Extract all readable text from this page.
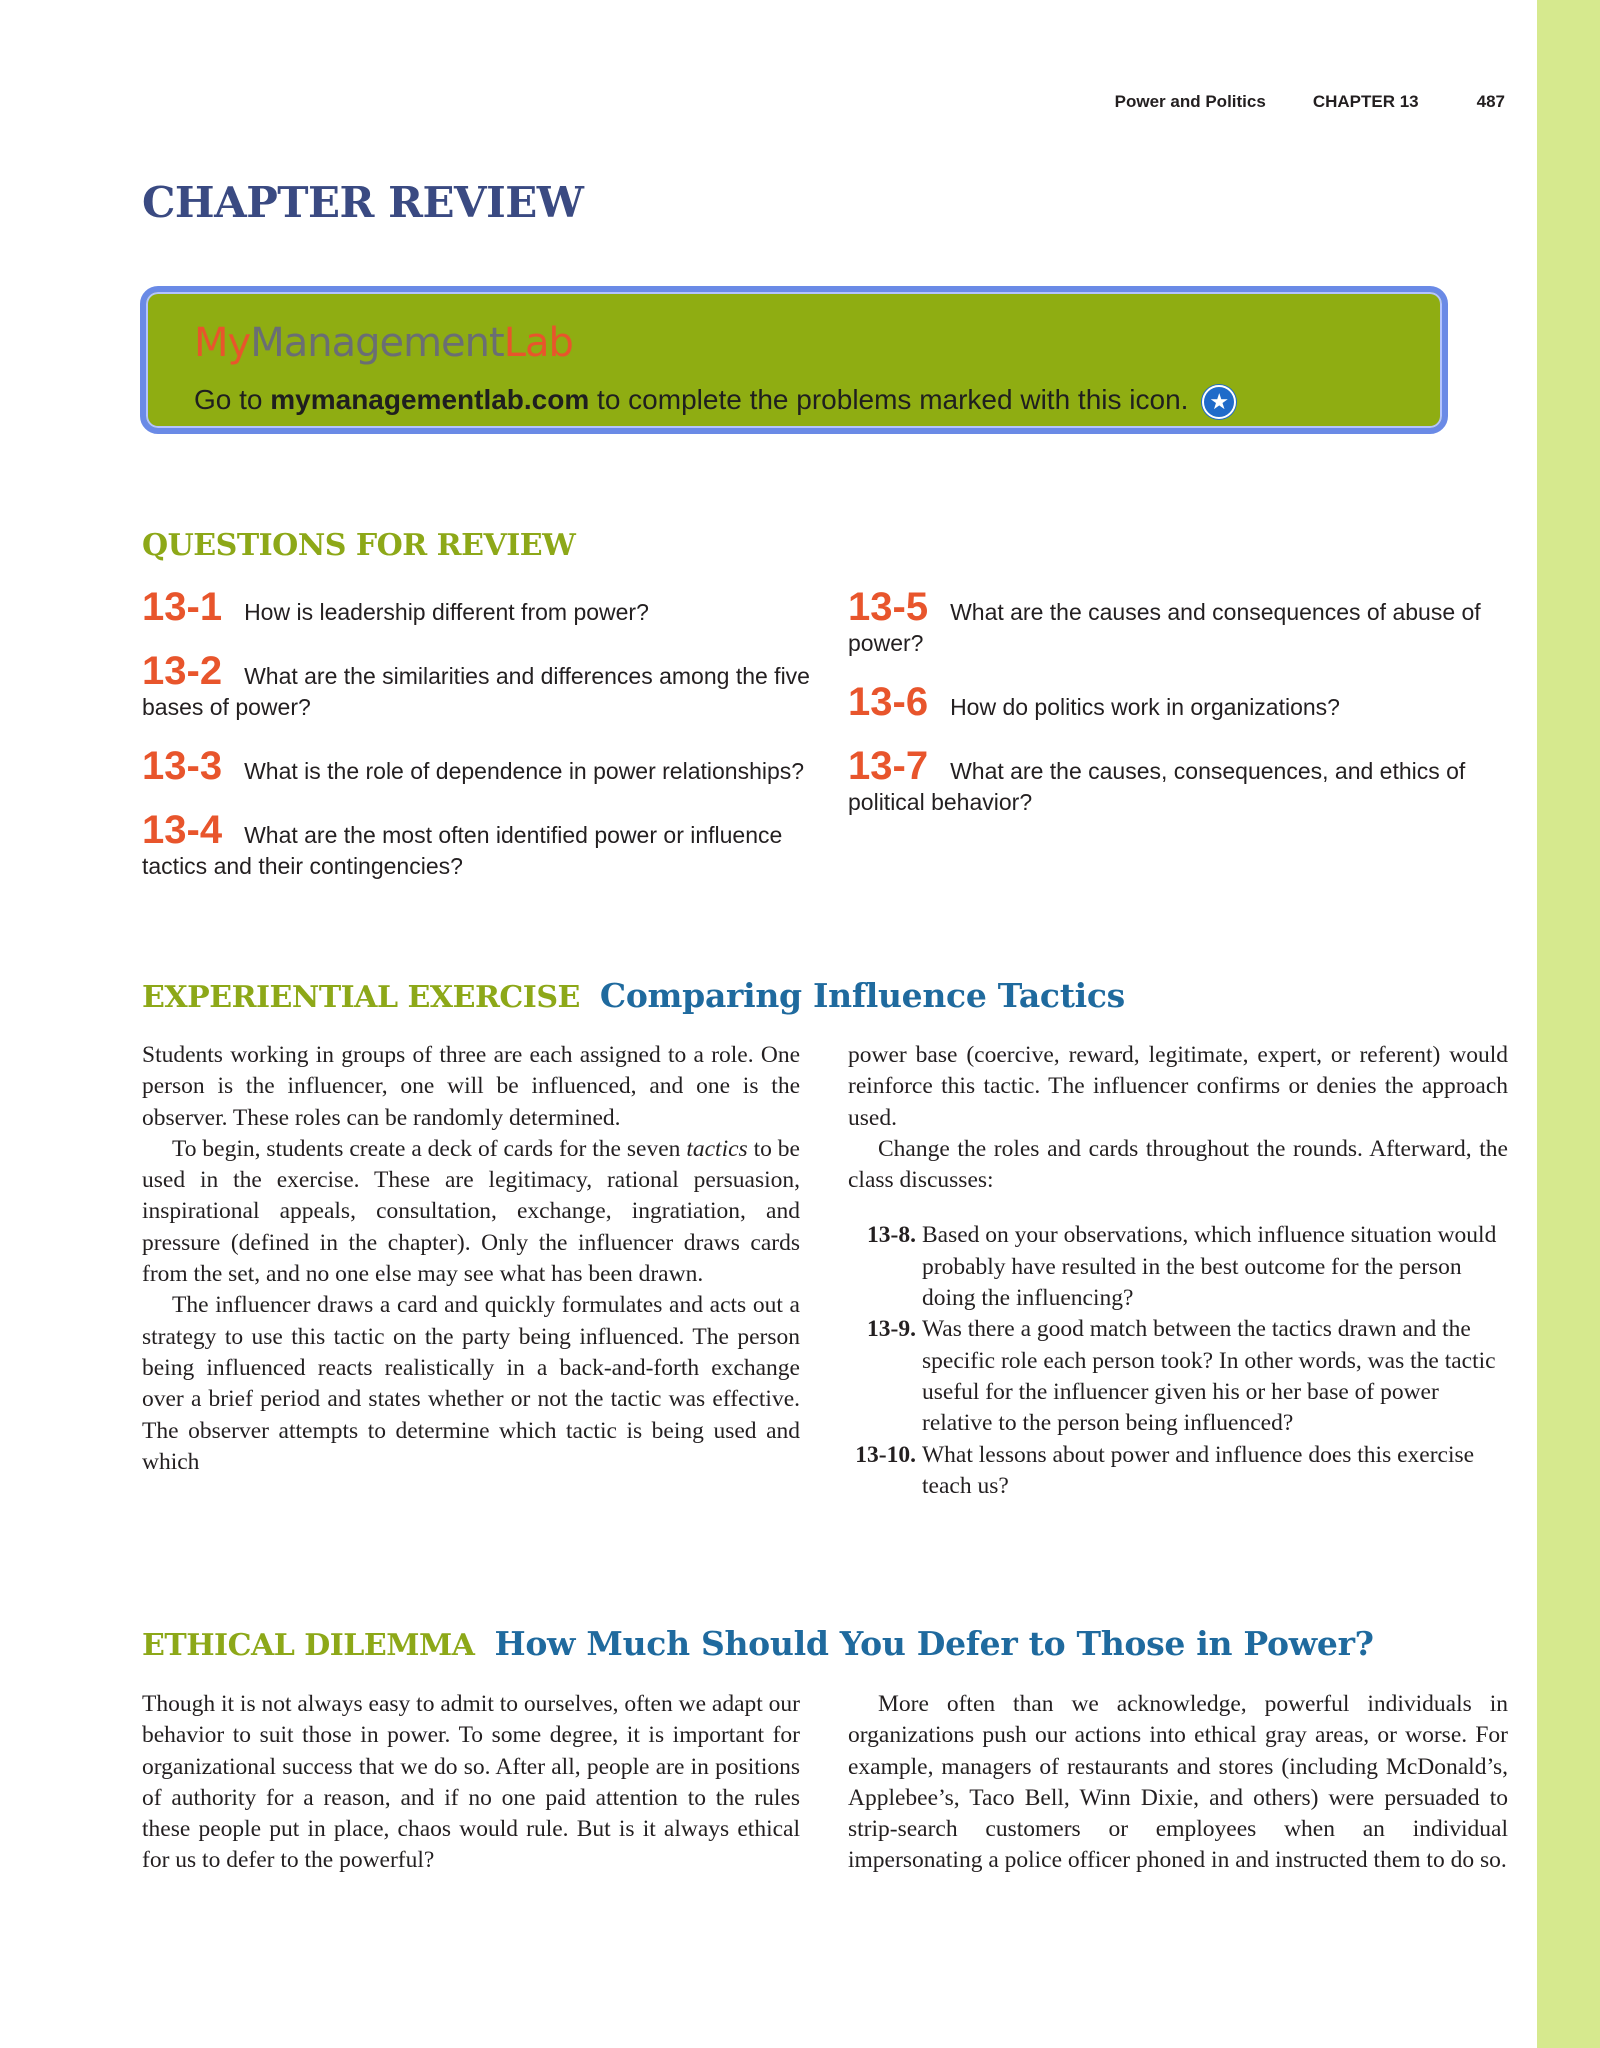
Power and Politics	CHAPTER 13	487
CHAPTER REVIEW
MyManagementLab
Go to mymanagementlab.com to complete the problems marked with this icon. ★
QUESTIONS FOR REVIEW
13-1 How is leadership different from power?
13-2 What are the similarities and differences among the five bases of power?
13-3 What is the role of dependence in power relationships?
13-4 What are the most often identified power or influence tactics and their contingencies?
13-5 What are the causes and consequences of abuse of power?
13-6 How do politics work in organizations?
13-7 What are the causes, consequences, and ethics of political behavior?
EXPERIENTIAL EXERCISE Comparing Influence Tactics

Students working in groups of three are each assigned to a role. One person is the influencer, one will be influenced, and one is the observer. These roles can be randomly determined.

To begin, students create a deck of cards for the seven tactics to be used in the exercise. These are legitimacy, rational persuasion, inspirational appeals, consultation, exchange, ingratiation, and pressure (defined in the chapter). Only the influencer draws cards from the set, and no one else may see what has been drawn.

The influencer draws a card and quickly formulates and acts out a strategy to use this tactic on the party being influenced. The person being influenced reacts realistically in a back-and-forth exchange over a brief period and states whether or not the tactic was effective. The observer attempts to determine which tactic is being used and which

power base (coercive, reward, legitimate, expert, or referent) would reinforce this tactic. The influencer confirms or denies the approach used.

Change the roles and cards throughout the rounds. Afterward, the class discusses:

13-8. Based on your observations, which influence situation would probably have resulted in the best outcome for the person doing the influencing?
13-9. Was there a good match between the tactics drawn and the specific role each person took? In other words, was the tactic useful for the influencer given his or her base of power relative to the person being influenced?
13-10. What lessons about power and influence does this exercise teach us?
ETHICAL DILEMMA How Much Should You Defer to Those in Power?

Though it is not always easy to admit to ourselves, often we adapt our behavior to suit those in power. To some degree, it is important for organizational success that we do so. After all, people are in positions of authority for a reason, and if no one paid attention to the rules these people put in place, chaos would rule. But is it always ethical for us to defer to the powerful?

More often than we acknowledge, powerful individuals in organizations push our actions into ethical gray areas, or worse. For example, managers of restaurants and stores (including McDonald’s, Applebee’s, Taco Bell, Winn Dixie, and others) were persuaded to strip-search customers or employees when an individual impersonating a police officer phoned in and instructed them to do so.
